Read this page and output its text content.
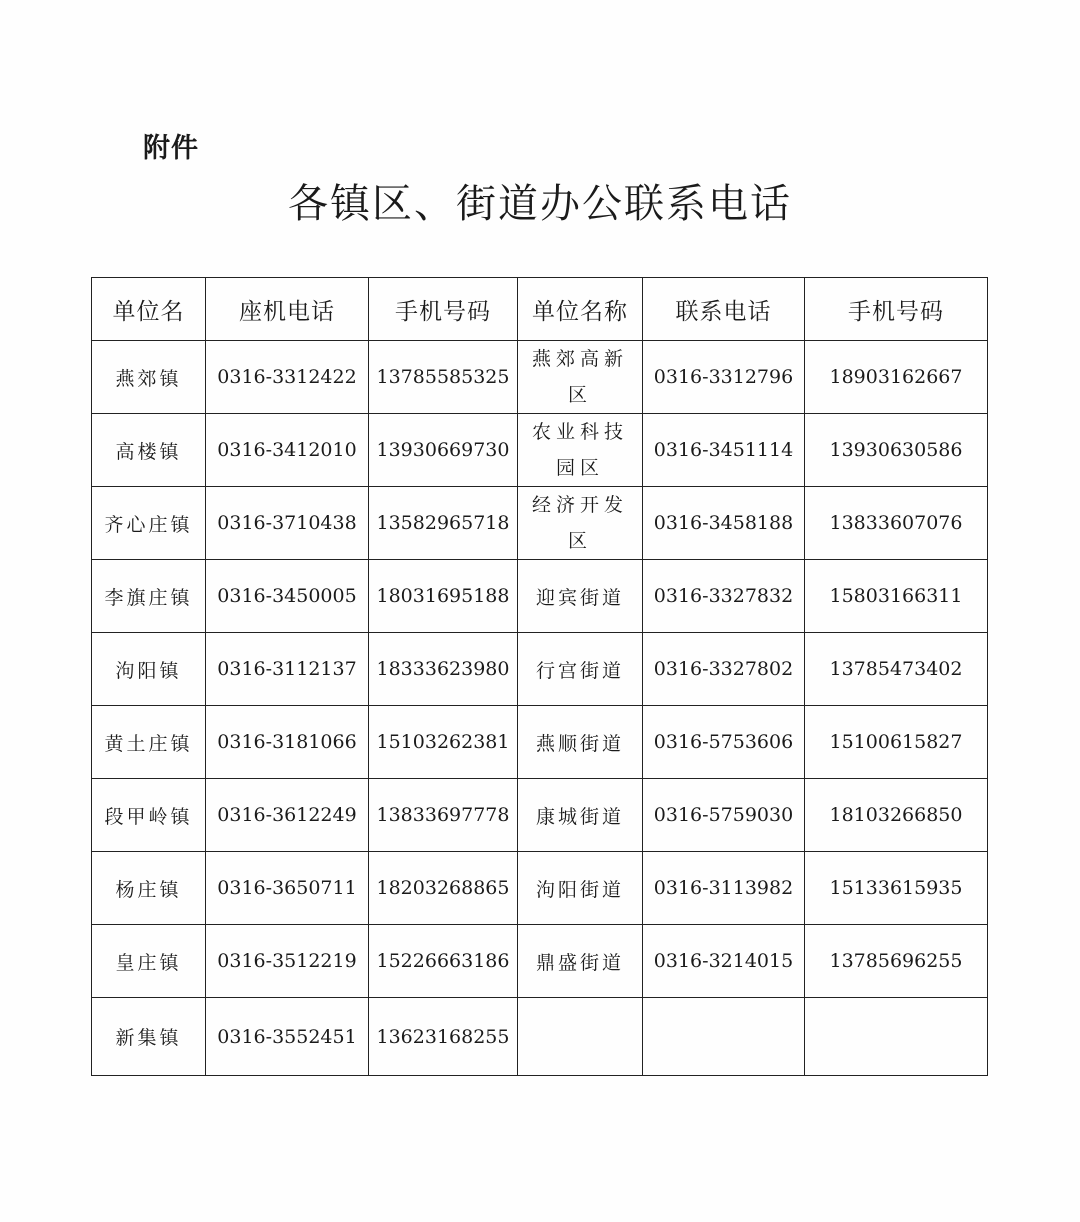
附件
各镇区、街道办公联系电话
单位名	座机电话	手机号码	单位名称	联系电话	手机号码
燕郊镇	0316-3312422	13785585325	燕郊高新区	0316-3312796	18903162667
高楼镇	0316-3412010	13930669730	农业科技园区	0316-3451114	13930630586
齐心庄镇	0316-3710438	13582965718	经济开发区	0316-3458188	13833607076
李旗庄镇	0316-3450005	18031695188	迎宾街道	0316-3327832	15803166311
泃阳镇	0316-3112137	18333623980	行宫街道	0316-3327802	13785473402
黄土庄镇	0316-3181066	15103262381	燕顺街道	0316-5753606	15100615827
段甲岭镇	0316-3612249	13833697778	康城街道	0316-5759030	18103266850
杨庄镇	0316-3650711	18203268865	泃阳街道	0316-3113982	15133615935
皇庄镇	0316-3512219	15226663186	鼎盛街道	0316-3214015	13785696255
新集镇	0316-3552451	13623168255			
